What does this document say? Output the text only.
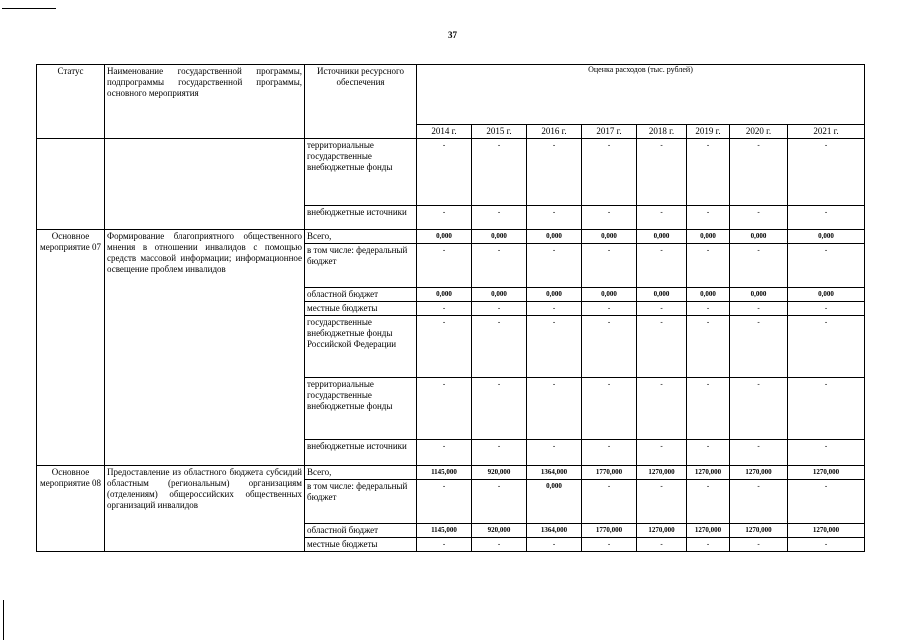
37
Статус	Наименование государственной программы, подпрограммы государственной программы, основного мероприятия	Источники ресурсного обеспечения	Оценка расходов (тыс. рублей)							
			2014 г.	2015 г.	2016 г.	2017 г.	2018 г.	2019 г.	2020 г.	2021 г.
		территориальные государственные внебюджетные фонды	-	-	-	-	-	-	-	-
		внебюджетные источники	-	-	-	-	-	-	-	-
Основное мероприятие 07	Формирование благоприятного общественного мнения в отношении инвалидов с помощью средств массовой информации; информационное освещение проблем инвалидов	Всего,	0,000	0,000	0,000	0,000	0,000	0,000	0,000	0,000
		в том числе: федеральный бюджет	-	-	-	-	-	-	-	-
		областной бюджет	0,000	0,000	0,000	0,000	0,000	0,000	0,000	0,000
		местные бюджеты	-	-	-	-	-	-	-	-
		государственные внебюджетные фонды Российской Федерации	-	-	-	-	-	-	-	-
		территориальные государственные внебюджетные фонды	-	-	-	-	-	-	-	-
		внебюджетные источники	-	-	-	-	-	-	-	-
Основное мероприятие 08	Предоставление из областного бюджета субсидий областным (региональным) организациям (отделениям) общероссийских общественных организаций инвалидов	Всего,	1145,000	920,000	1364,000	1770,000	1270,000	1270,000	1270,000	1270,000
		в том числе: федеральный бюджет	-	-	0,000	-	-	-	-	-
		областной бюджет	1145,000	920,000	1364,000	1770,000	1270,000	1270,000	1270,000	1270,000
		местные бюджеты	-	-	-	-	-	-	-	-
